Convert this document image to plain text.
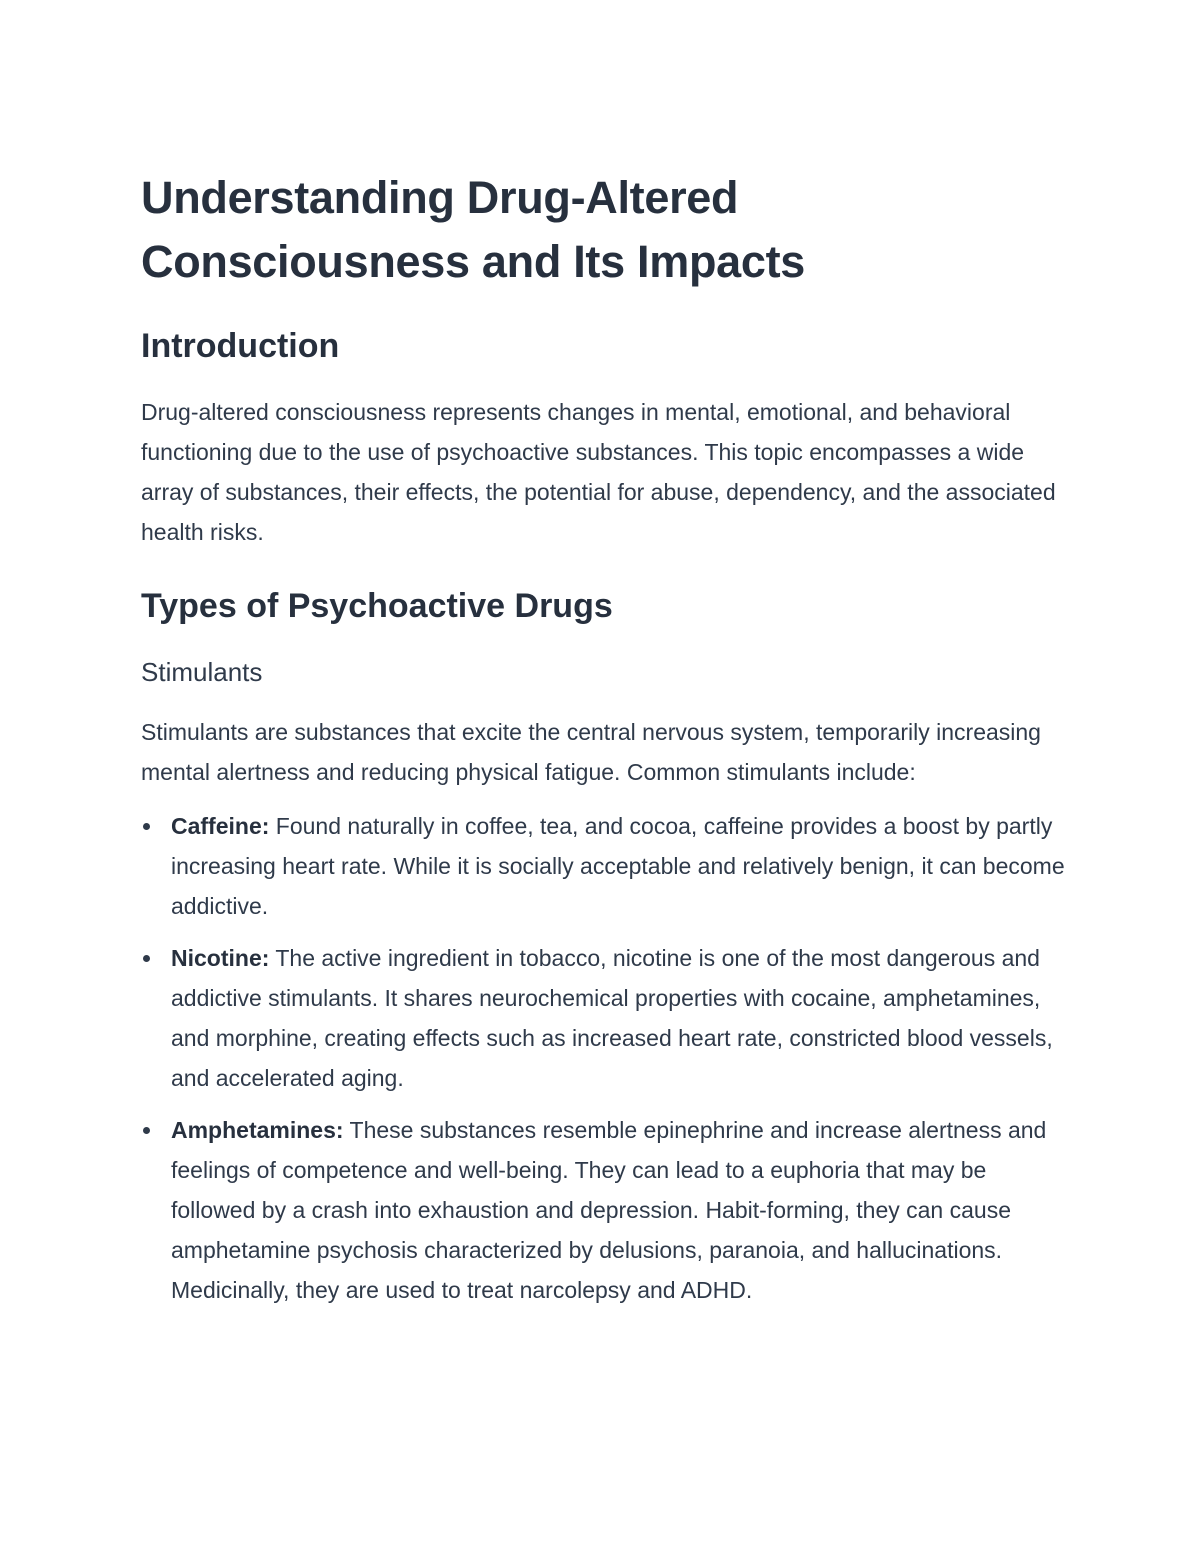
Understanding Drug-Altered Consciousness and Its Impacts
Introduction

Drug-altered consciousness represents changes in mental, emotional, and behavioral functioning due to the use of psychoactive substances. This topic encompasses a wide array of substances, their effects, the potential for abuse, dependency, and the associated health risks.

Types of Psychoactive Drugs
Stimulants

Stimulants are substances that excite the central nervous system, temporarily increasing mental alertness and reducing physical fatigue. Common stimulants include:

Caffeine: Found naturally in coffee, tea, and cocoa, caffeine provides a boost by partly increasing heart rate. While it is socially acceptable and relatively benign, it can become addictive.
Nicotine: The active ingredient in tobacco, nicotine is one of the most dangerous and addictive stimulants. It shares neurochemical properties with cocaine, amphetamines, and morphine, creating effects such as increased heart rate, constricted blood vessels, and accelerated aging.
Amphetamines: These substances resemble epinephrine and increase alertness and feelings of competence and well-being. They can lead to a euphoria that may be followed by a crash into exhaustion and depression. Habit-forming, they can cause amphetamine psychosis characterized by delusions, paranoia, and hallucinations. Medicinally, they are used to treat narcolepsy and ADHD.
